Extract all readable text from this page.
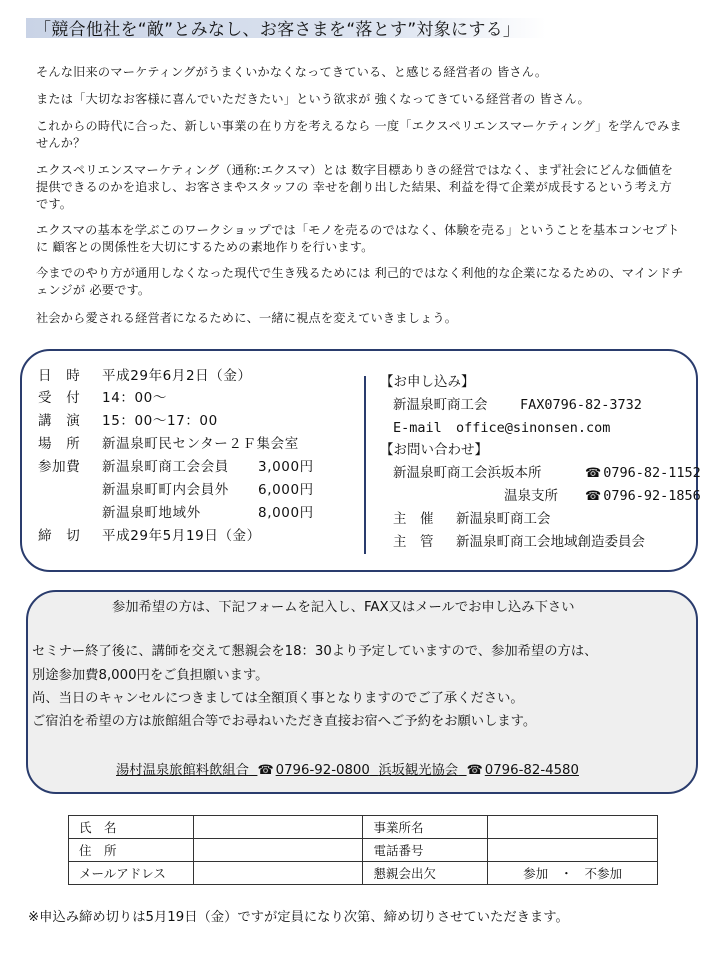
「競合他社を“敵”とみなし、お客さまを“落とす”対象にする」
そんな旧来のマーケティングがうまくいかなくなってきている、と感じる経営者の 皆さん。
または「大切なお客様に喜んでいただきたい」という欲求が 強くなってきている経営者の 皆さん。
これからの時代に合った、新しい事業の在り方を考えるなら 一度「エクスペリエンスマーケティング」を学んでみませんか？
エクスペリエンスマーケティング（通称:エクスマ）とは 数字目標ありきの経営ではなく、まず社会にどんな価値を提供できるのかを追求し、お客さまやスタッフの 幸せを創り出した結果、利益を得て企業が成長するという考え方です。
エクスマの基本を学ぶこのワークショップでは「モノを売るのではなく、体験を売る」ということを基本コンセプトに 顧客との関係性を大切にするための素地作りを行います。
今までのやり方が通用しなくなった現代で生き残るためには 利己的ではなく利他的な企業になるための、マインドチェンジが 必要です。
社会から愛される経営者になるために、一緒に視点を変えていきましょう。
日　時 平成29年6月2日（金）
受　付 14：00～
講　演 15：00～17：00
場　所 新温泉町民センター２Ｆ集会室
参加費 新温泉町商工会会員 3,000円
新温泉町町内会員外 6,000円
新温泉町地域外	8,000円
締　切 平成29年5月19日（金）
【お申し込み】
新温泉町商工会 FAX0796-82-3732
E-mail office@sinonsen.com
【お問い合わせ】
新温泉町商工会浜坂本所	☎ 0796-82-1152
温泉支所 ☎ 0796-92-1856
主　催 新温泉町商工会
主　管 新温泉町商工会地域創造委員会
参加希望の方は、下記フォームを記入し、FAX又はメールでお申し込み下さい
セミナー終了後に、講師を交えて懇親会を18：30より予定していますので、参加希望の方は、
別途参加費8,000円をご負担願います。
尚、当日のキャンセルにつきましては全額頂く事となりますのでご了承ください。
ご宿泊を希望の方は旅館組合等でお尋ねいただき直接お宿へご予約をお願いします。
湯村温泉旅館料飲組合 ☎ 0796-92-0800 浜坂観光協会 ☎ 0796-82-4580
氏　名		事業所名	
住　所		電話番号	
メールアドレス		懇親会出欠	参加 ・ 不参加
※申込み締め切りは5月19日（金）ですが定員になり次第、締め切りさせていただきます。
